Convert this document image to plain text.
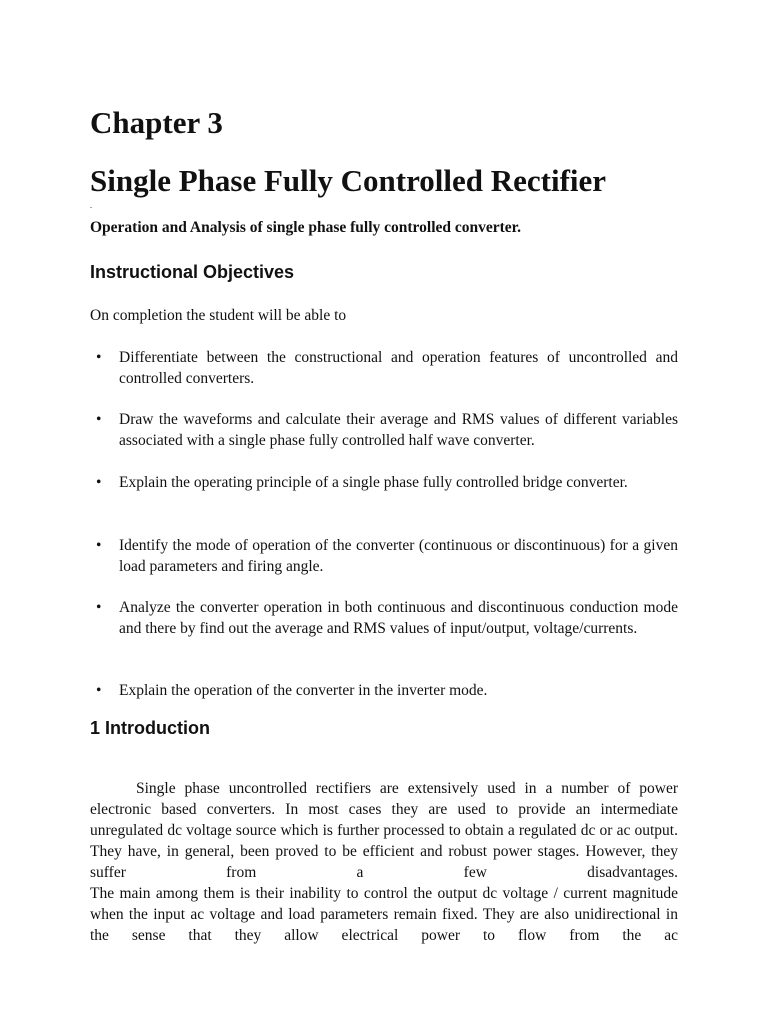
Chapter 3
Single Phase Fully Controlled Rectifier
.

Operation and Analysis of single phase fully controlled converter.

Instructional Objectives

On completion the student will be able to

•	Differentiate between the constructional and operation features of uncontrolled and controlled converters.
•	Draw the waveforms and calculate their average and RMS values of different variables associated with a single phase fully controlled half wave converter.
•	Explain the operating principle of a single phase fully controlled bridge converter.
•	Identify the mode of operation of the converter (continuous or discontinuous) for a given load parameters and firing angle.
•	Analyze the converter operation in both continuous and discontinuous conduction mode and there by find out the average and RMS values of input/output, voltage/currents.
•	Explain the operation of the converter in the inverter mode.
1 Introduction

Single phase uncontrolled rectifiers are extensively used in a number of power electronic based converters. In most cases they are used to provide an intermediate unregulated dc voltage source which is further processed to obtain a regulated dc or ac output. They have, in general, been proved to be efficient and robust power stages. However, they suffer from a few disadvantages.

The main among them is their inability to control the output dc voltage / current magnitude when the input ac voltage and load parameters remain fixed. They are also unidirectional in the sense that they allow electrical power to flow from the ac
